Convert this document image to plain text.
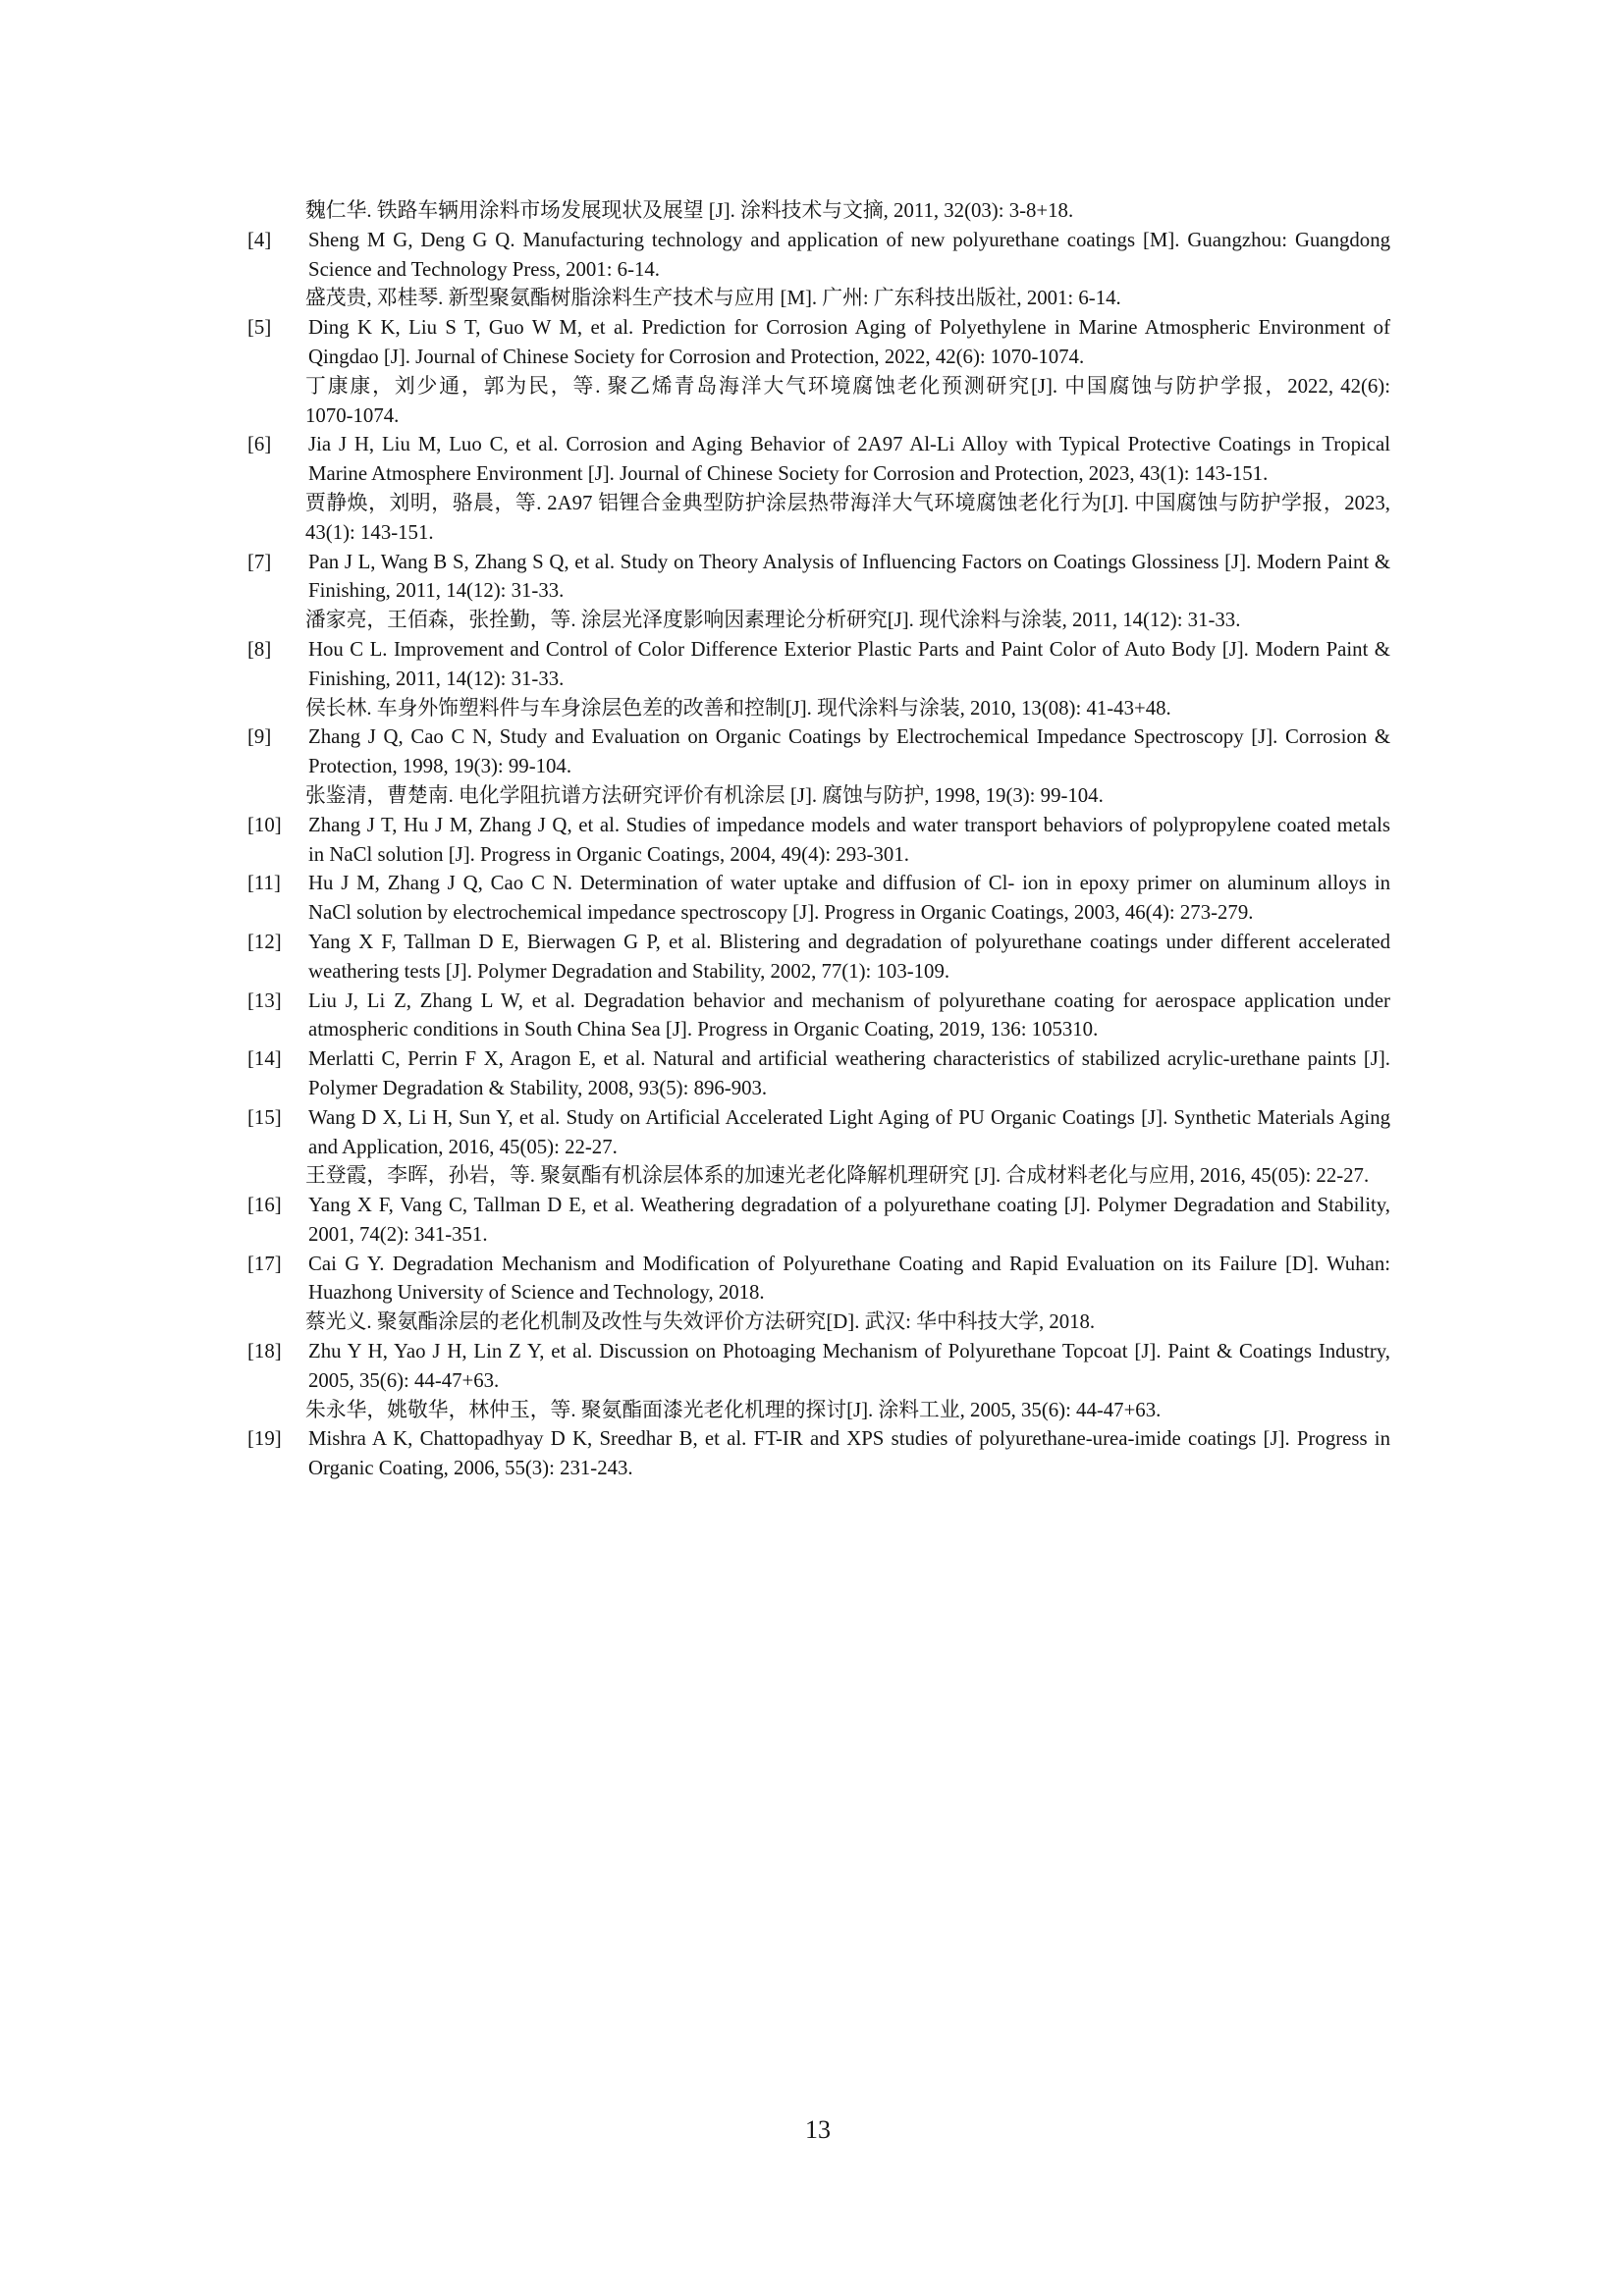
魏仁华. 铁路车辆用涂料市场发展现状及展望 [J]. 涂料技术与文摘, 2011, 32(03): 3-8+18.
[4] Sheng M G, Deng G Q. Manufacturing technology and application of new polyurethane coatings [M]. Guangzhou: Guangdong
Science and Technology Press, 2001: 6-14.
盛茂贵, 邓桂琴. 新型聚氨酯树脂涂料生产技术与应用 [M]. 广州: 广东科技出版社, 2001: 6-14.
[5] Ding K K, Liu S T, Guo W M, et al. Prediction for Corrosion Aging of Polyethylene in Marine Atmospheric Environment of
Qingdao [J]. Journal of Chinese Society for Corrosion and Protection, 2022, 42(6): 1070-1074.
丁康康，刘少通，郭为民，等. 聚乙烯青岛海洋大气环境腐蚀老化预测研究[J]. 中国腐蚀与防护学报，2022, 42(6):
1070-1074.
[6] Jia J H, Liu M, Luo C, et al. Corrosion and Aging Behavior of 2A97 Al-Li Alloy with Typical Protective Coatings in Tropical
Marine Atmosphere Environment [J]. Journal of Chinese Society for Corrosion and Protection, 2023, 43(1): 143-151.
贾静焕，刘明，骆晨，等. 2A97 铝锂合金典型防护涂层热带海洋大气环境腐蚀老化行为[J]. 中国腐蚀与防护学报，2023,
43(1): 143-151.
[7] Pan J L, Wang B S, Zhang S Q, et al. Study on Theory Analysis of Influencing Factors on Coatings Glossiness [J]. Modern Paint &
Finishing, 2011, 14(12): 31-33.
潘家亮，王佰森，张拴勤，等. 涂层光泽度影响因素理论分析研究[J]. 现代涂料与涂装, 2011, 14(12): 31-33.
[8] Hou C L. Improvement and Control of Color Difference Exterior Plastic Parts and Paint Color of Auto Body [J]. Modern Paint &
Finishing, 2011, 14(12): 31-33.
侯长林. 车身外饰塑料件与车身涂层色差的改善和控制[J]. 现代涂料与涂装, 2010, 13(08): 41-43+48.
[9] Zhang J Q, Cao C N, Study and Evaluation on Organic Coatings by Electrochemical Impedance Spectroscopy [J]. Corrosion &
Protection, 1998, 19(3): 99-104.
张鉴清，曹楚南. 电化学阻抗谱方法研究评价有机涂层 [J]. 腐蚀与防护, 1998, 19(3): 99-104.
[10] Zhang J T, Hu J M, Zhang J Q, et al. Studies of impedance models and water transport behaviors of polypropylene coated metals
in NaCl solution [J]. Progress in Organic Coatings, 2004, 49(4): 293-301.
[11] Hu J M, Zhang J Q, Cao C N. Determination of water uptake and diffusion of Cl- ion in epoxy primer on aluminum alloys in
NaCl solution by electrochemical impedance spectroscopy [J]. Progress in Organic Coatings, 2003, 46(4): 273-279.
[12] Yang X F, Tallman D E, Bierwagen G P, et al. Blistering and degradation of polyurethane coatings under different accelerated
weathering tests [J]. Polymer Degradation and Stability, 2002, 77(1): 103-109.
[13] Liu J, Li Z, Zhang L W, et al. Degradation behavior and mechanism of polyurethane coating for aerospace application under
atmospheric conditions in South China Sea [J]. Progress in Organic Coating, 2019, 136: 105310.
[14] Merlatti C, Perrin F X, Aragon E, et al. Natural and artificial weathering characteristics of stabilized acrylic-urethane paints [J].
Polymer Degradation & Stability, 2008, 93(5): 896-903.
[15] Wang D X, Li H, Sun Y, et al. Study on Artificial Accelerated Light Aging of PU Organic Coatings [J]. Synthetic Materials Aging
and Application, 2016, 45(05): 22-27.
王登霞，李晖，孙岩，等. 聚氨酯有机涂层体系的加速光老化降解机理研究 [J]. 合成材料老化与应用, 2016, 45(05): 22-27.
[16] Yang X F, Vang C, Tallman D E, et al. Weathering degradation of a polyurethane coating [J]. Polymer Degradation and Stability,
2001, 74(2): 341-351.
[17] Cai G Y. Degradation Mechanism and Modification of Polyurethane Coating and Rapid Evaluation on its Failure [D]. Wuhan:
Huazhong University of Science and Technology, 2018.
蔡光义. 聚氨酯涂层的老化机制及改性与失效评价方法研究[D]. 武汉: 华中科技大学, 2018.
[18] Zhu Y H, Yao J H, Lin Z Y, et al. Discussion on Photoaging Mechanism of Polyurethane Topcoat [J]. Paint & Coatings Industry,
2005, 35(6): 44-47+63.
朱永华，姚敬华，林仲玉，等. 聚氨酯面漆光老化机理的探讨[J]. 涂料工业, 2005, 35(6): 44-47+63.
[19] Mishra A K, Chattopadhyay D K, Sreedhar B, et al. FT-IR and XPS studies of polyurethane-urea-imide coatings [J]. Progress in
Organic Coating, 2006, 55(3): 231-243.
13
